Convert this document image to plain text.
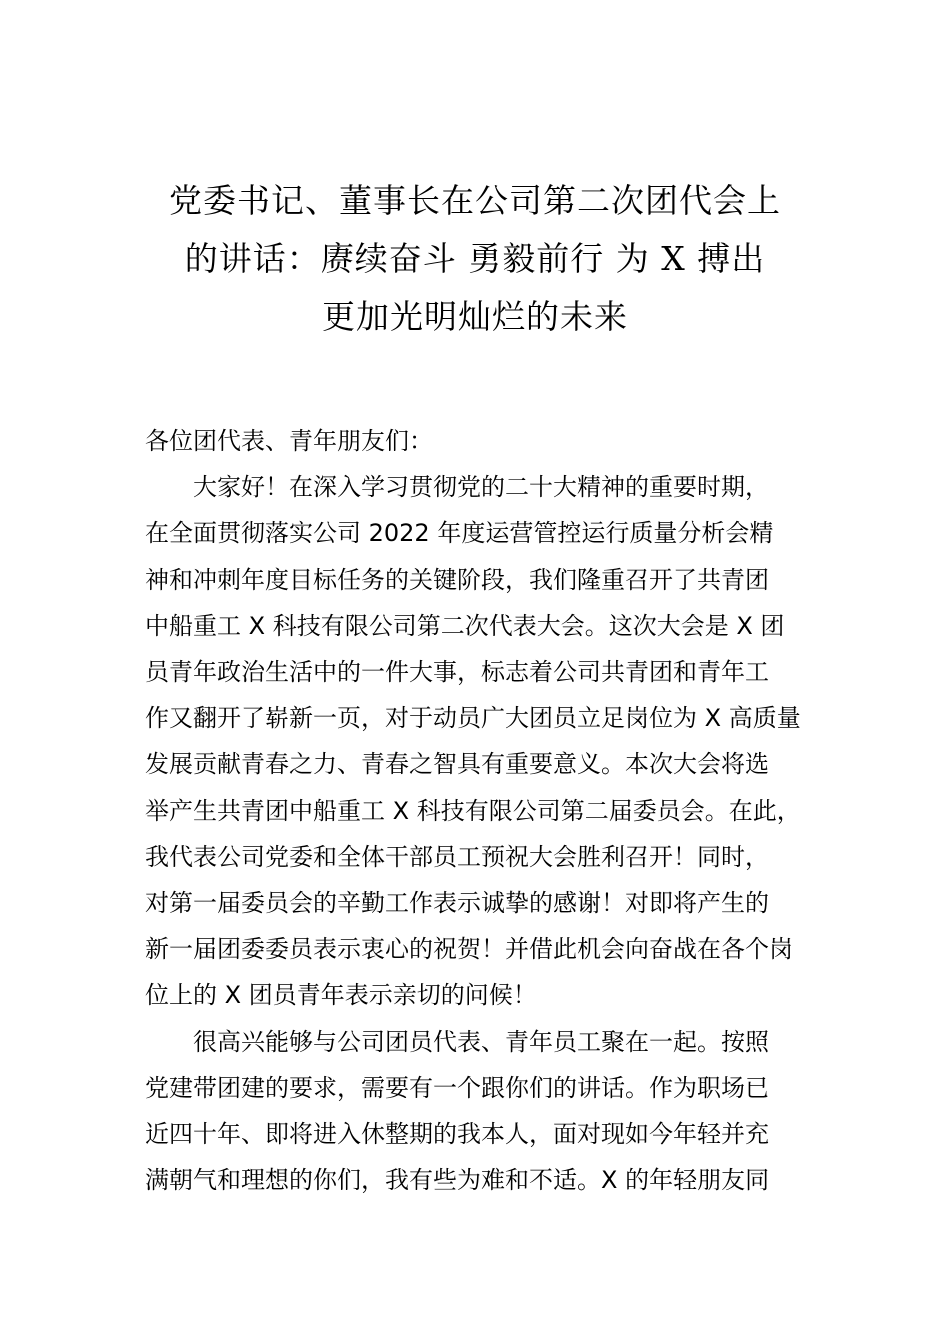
党委书记、董事长在公司第二次团代会上
的讲话：赓续奋斗 勇毅前行 为 X 搏出
更加光明灿烂的未来
各位团代表、青年朋友们：
大家好！在深入学习贯彻党的二十大精神的重要时期，
在全面贯彻落实公司 2022 年度运营管控运行质量分析会精
神和冲刺年度目标任务的关键阶段，我们隆重召开了共青团
中船重工 X 科技有限公司第二次代表大会。这次大会是 X 团
员青年政治生活中的一件大事，标志着公司共青团和青年工
作又翻开了崭新一页，对于动员广大团员立足岗位为 X 高质量
发展贡献青春之力、青春之智具有重要意义。本次大会将选
举产生共青团中船重工 X 科技有限公司第二届委员会。在此，
我代表公司党委和全体干部员工预祝大会胜利召开！同时，
对第一届委员会的辛勤工作表示诚挚的感谢！对即将产生的
新一届团委委员表示衷心的祝贺！并借此机会向奋战在各个岗
位上的 X 团员青年表示亲切的问候！
很高兴能够与公司团员代表、青年员工聚在一起。按照
党建带团建的要求，需要有一个跟你们的讲话。作为职场已
近四十年、即将进入休整期的我本人，面对现如今年轻并充
满朝气和理想的你们，我有些为难和不适。X 的年轻朋友同
